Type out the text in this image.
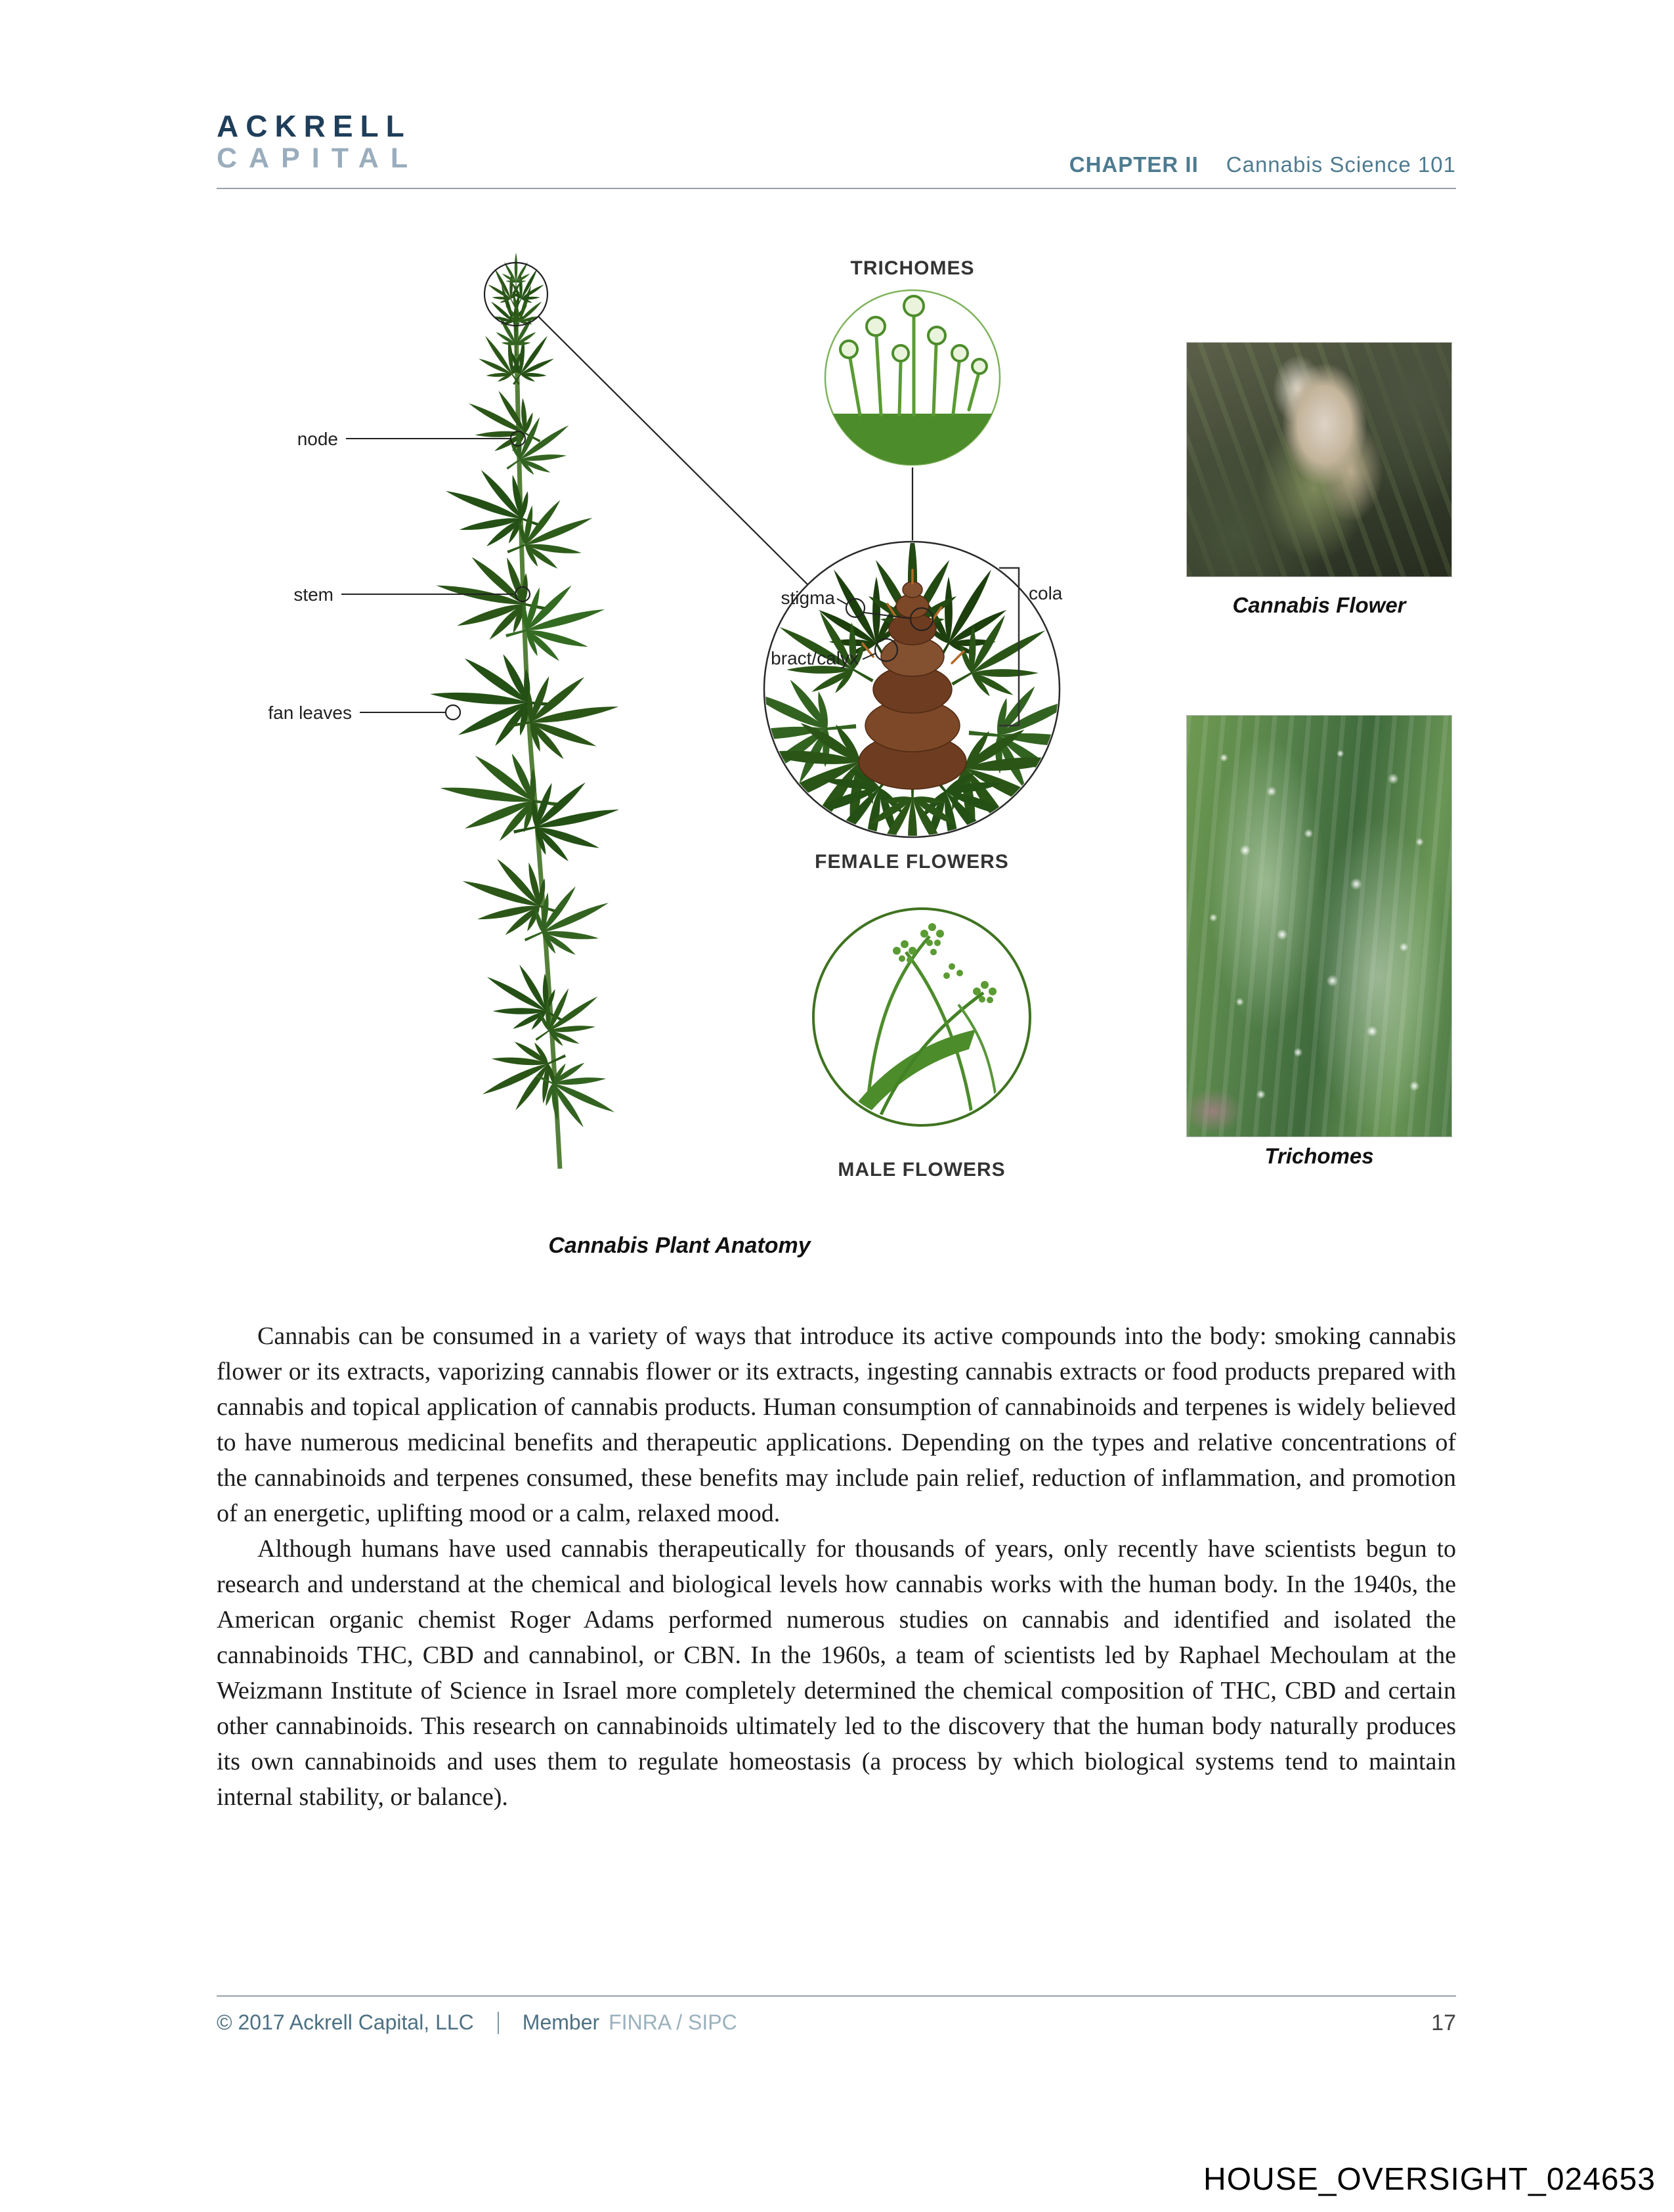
ACKRELL
CAPITAL	CHAPTER II Cannabis Science 101
node
stem
fan leaves
TRICHOMES
stigma
bract/calyx
cola
FEMALE FLOWERS
MALE FLOWERS
Cannabis Flower
Trichomes
Cannabis Plant Anatomy

Cannabis can be consumed in a variety of ways that introduce its active compounds into the body: smoking cannabis flower or its extracts, vaporizing cannabis flower or its extracts, ingesting cannabis extracts or food products prepared with cannabis and topical application of cannabis products. Human consumption of cannabinoids and terpenes is widely believed to have numerous medicinal benefits and therapeutic applications. Depending on the types and relative concentrations of the cannabinoids and terpenes consumed, these benefits may include pain relief, reduction of inflammation, and promotion of an energetic, uplifting mood or a calm, relaxed mood.

Although humans have used cannabis therapeutically for thousands of years, only recently have scientists begun to research and understand at the chemical and biological levels how cannabis works with the human body. In the 1940s, the American organic chemist Roger Adams performed numerous studies on cannabis and identified and isolated the cannabinoids THC, CBD and cannabinol, or CBN. In the 1960s, a team of scientists led by Raphael Mechoulam at the Weizmann Institute of Science in Israel more completely determined the chemical composition of THC, CBD and certain other cannabinoids. This research on cannabinoids ultimately led to the discovery that the human body naturally produces its own cannabinoids and uses them to regulate homeostasis (a process by which biological systems tend to maintain internal stability, or balance).

© 2017 Ackrell Capital, LLC Member FINRA / SIPC	17
HOUSE_OVERSIGHT_024653
